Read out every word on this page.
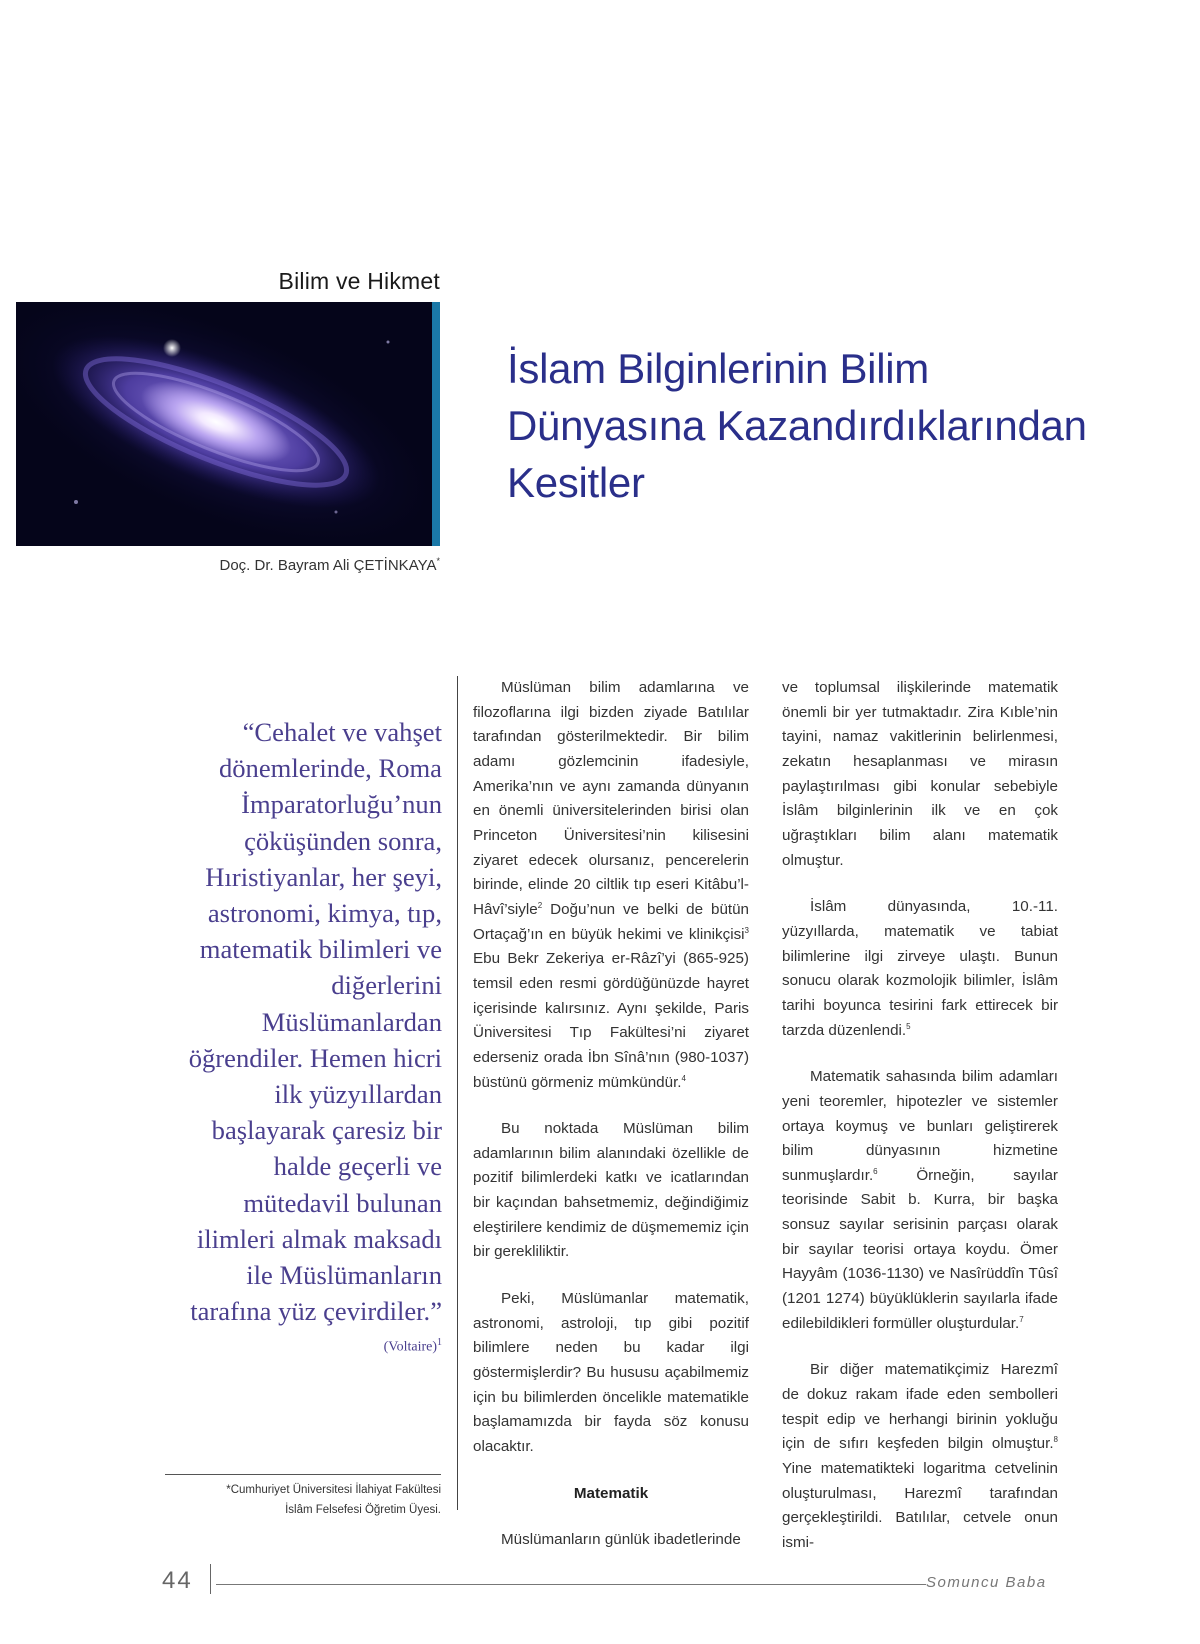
Bilim ve Hikmet
İslam Bilginlerinin Bilim
Dünyasına Kazandırdıklarından
Kesitler
Doç. Dr. Bayram Ali ÇETİNKAYA*
“Cehalet ve vahşet
dönemlerinde, Roma
İmparatorluğu’nun
çöküşünden sonra,
Hıristiyanlar, her şeyi,
astronomi, kimya, tıp,
matematik bilimleri ve
diğerlerini
Müslümanlardan
öğrendiler. Hemen hicri
ilk yüzyıllardan
başlayarak çaresiz bir
halde geçerli ve
mütedavil bulunan
ilimleri almak maksadı
ile Müslümanların
tarafına yüz çevirdiler.”
(Voltaire)$^1$
*Cumhuriyet Üniversitesi İlahiyat Fakültesi
İslâm Felsefesi Öğretim Üyesi.

Müslüman bilim adamlarına ve filozoflarına ilgi bizden ziyade Batılılar tarafından gösterilmektedir. Bir bilim adamı gözlemcinin ifadesiyle, Amerika’nın ve aynı zamanda dünyanın en önemli üniversitelerinden birisi olan Princeton Üniversitesi’nin kilisesini ziyaret edecek olursanız, pencerelerin birinde, elinde 20 ciltlik tıp eseri Kitâbu’l-Hâvî’siyle$^2$ Doğu’nun ve belki de bütün Ortaçağ’ın en büyük hekimi ve klinikçisi$^3$ Ebu Bekr Zekeriya er-Râzî’yi (865-925) temsil eden resmi gördüğünüzde hayret içerisinde kalırsınız. Aynı şekilde, Paris Üniversitesi Tıp Fakültesi’ni ziyaret ederseniz orada İbn Sînâ’nın (980-1037) büstünü görmeniz mümkündür.$^4$

Bu noktada Müslüman bilim adamlarının bilim alanındaki özellikle de pozitif bilimlerdeki katkı ve icatlarından bir kaçından bahsetmemiz, değindiğimiz eleştirilere kendimiz de düşmememiz için bir gerekliliktir.

Peki, Müslümanlar matematik, astronomi, astroloji, tıp gibi pozitif bilimlere neden bu kadar ilgi göstermişlerdir? Bu hususu açabilmemiz için bu bilimlerden öncelikle matematikle başlamamızda bir fayda söz konusu olacaktır.

Matematik

Müslümanların günlük ibadetlerinde

ve toplumsal ilişkilerinde matematik önemli bir yer tutmaktadır. Zira Kıble’nin tayini, namaz vakitlerinin belirlenmesi, zekatın hesaplanması ve mirasın paylaştırılması gibi konular sebebiyle İslâm bilginlerinin ilk ve en çok uğraştıkları bilim alanı matematik olmuştur.

İslâm dünyasında, 10.-11. yüzyıllarda, matematik ve tabiat bilimlerine ilgi zirveye ulaştı. Bunun sonucu olarak kozmolojik bilimler, İslâm tarihi boyunca tesirini fark ettirecek bir tarzda düzenlendi.$^5$

Matematik sahasında bilim adamları yeni teoremler, hipotezler ve sistemler ortaya koymuş ve bunları geliştirerek bilim dünyasının hizmetine sunmuşlardır.$^6$ Örneğin, sayılar teorisinde Sabit b. Kurra, bir başka sonsuz sayılar serisinin parçası olarak bir sayılar teorisi ortaya koydu. Ömer Hayyâm (1036-1130) ve Nasîrüddîn Tûsî (1201 1274) büyüklüklerin sayılarla ifade edilebildikleri formüller oluşturdular.$^7$

Bir diğer matematikçimiz Harezmî de dokuz rakam ifade eden sembolleri tespit edip ve herhangi birinin yokluğu için de sıfırı keşfeden bilgin olmuştur.$^8$ Yine matematikteki logaritma cetvelinin oluşturulması, Harezmî tarafından gerçekleştirildi. Batılılar, cetvele onun ismi-

44	Somuncu Baba
